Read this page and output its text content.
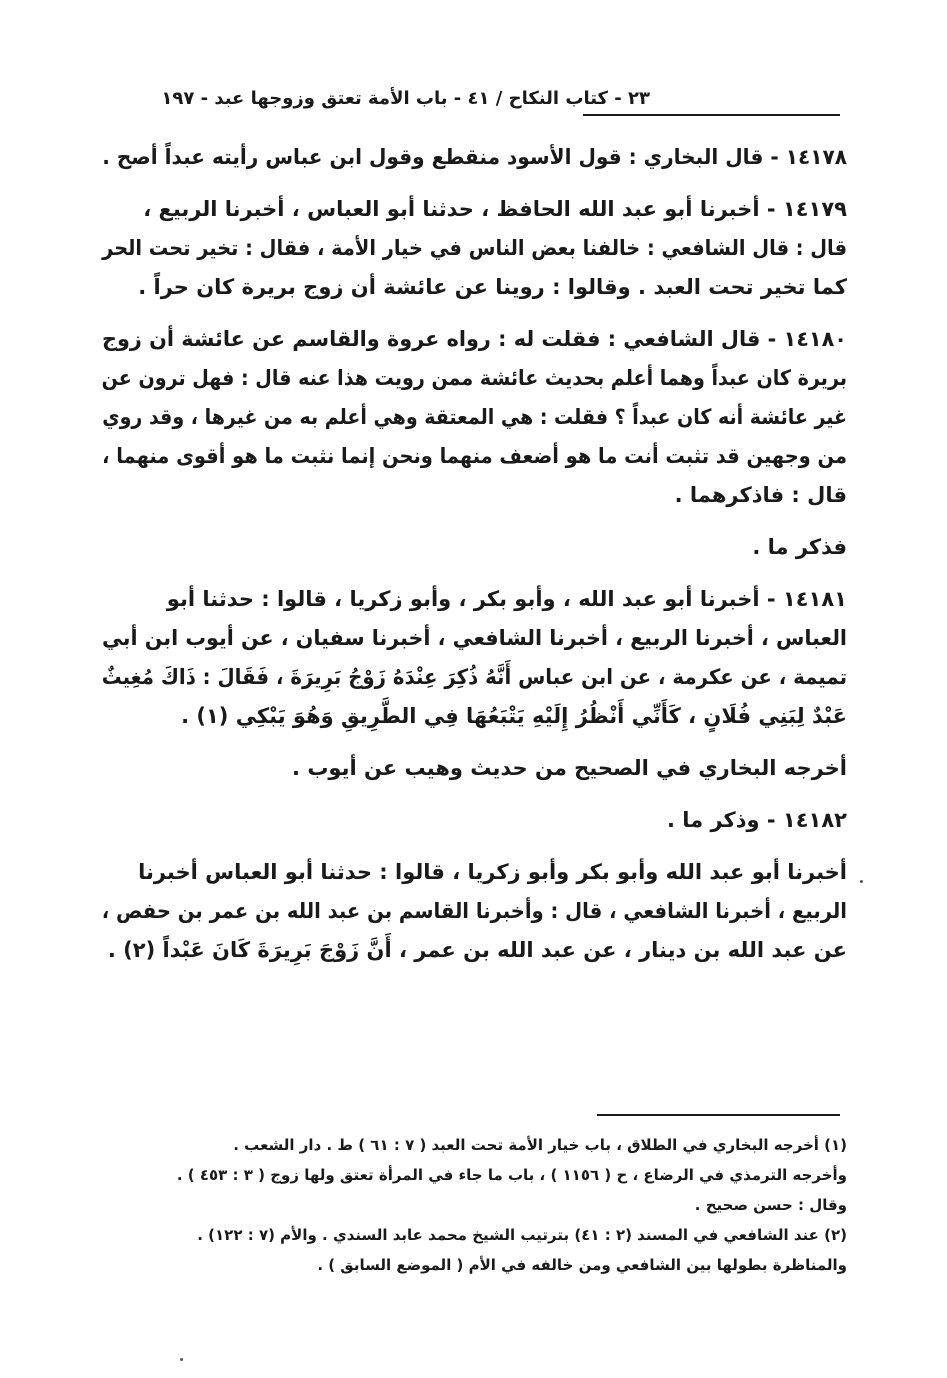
٢٣ - كتاب النكاح / ٤١ - باب الأمة تعتق وزوجها عبد - ١٩٧
١٤١٧٨ - قال البخاري : قول الأسود منقطع وقول ابن عباس رأيته عبداً أصح .
١٤١٧٩ - أخبرنا أبو عبد الله الحافظ ، حدثنا أبو العباس ، أخبرنا الربيع ،
قال : قال الشافعي : خالفنا بعض الناس في خيار الأمة ، فقال : تخير تحت الحر
كما تخير تحت العبد . وقالوا : روينا عن عائشة أن زوج بريرة كان حراً .
١٤١٨٠ - قال الشافعي : فقلت له : رواه عروة والقاسم عن عائشة أن زوج
بريرة كان عبداً وهما أعلم بحديث عائشة ممن رويت هذا عنه قال : فهل ترون عن
غير عائشة أنه كان عبداً ؟ فقلت : هي المعتقة وهي أعلم به من غيرها ، وقد روي
من وجهين قد تثبت أنت ما هو أضعف منهما ونحن إنما نثبت ما هو أقوى منهما ،
قال : فاذكرهما .
فذكر ما .
١٤١٨١ - أخبرنا أبو عبد الله ، وأبو بكر ، وأبو زكريا ، قالوا : حدثنا أبو
العباس ، أخبرنا الربيع ، أخبرنا الشافعي ، أخبرنا سفيان ، عن أيوب ابن أبي
تميمة ، عن عكرمة ، عن ابن عباس أَنَّهُ ذُكِرَ عِنْدَهُ زَوْجُ بَرِيرَةَ ، فَقَالَ : ذَاكَ مُغِيثٌ
عَبْدٌ لِبَنِي فُلَانٍ ، كَأَنِّي أَنْظُرُ إِلَيْهِ يَتْبَعُهَا فِي الطَّرِيقِ وَهُوَ يَبْكِي (١) .
أخرجه البخاري في الصحيح من حديث وهيب عن أيوب .
١٤١٨٢ - وذكر ما .
أخبرنا أبو عبد الله وأبو بكر وأبو زكريا ، قالوا : حدثنا أبو العباس أخبرنا
الربيع ، أخبرنا الشافعي ، قال : وأخبرنا القاسم بن عبد الله بن عمر بن حفص ،
عن عبد الله بن دينار ، عن عبد الله بن عمر ، أَنَّ زَوْجَ بَرِيرَةَ كَانَ عَبْداً (٢) .
(١) أخرجه البخاري في الطلاق ، باب خيار الأمة تحت العبد ( ٧ : ٦١ ) ط . دار الشعب .
وأخرجه الترمذي في الرضاع ، ح ( ١١٥٦ ) ، باب ما جاء في المرأة تعتق ولها زوج ( ٣ : ٤٥٣ ) .
وقال : حسن صحيح .
(٢) عند الشافعي في المسند (٢ : ٤١) بترتيب الشيخ محمد عابد السندي . والأم (٧ : ١٢٢) .
والمناظرة بطولها بين الشافعي ومن خالفه في الأم ( الموضع السابق ) .
